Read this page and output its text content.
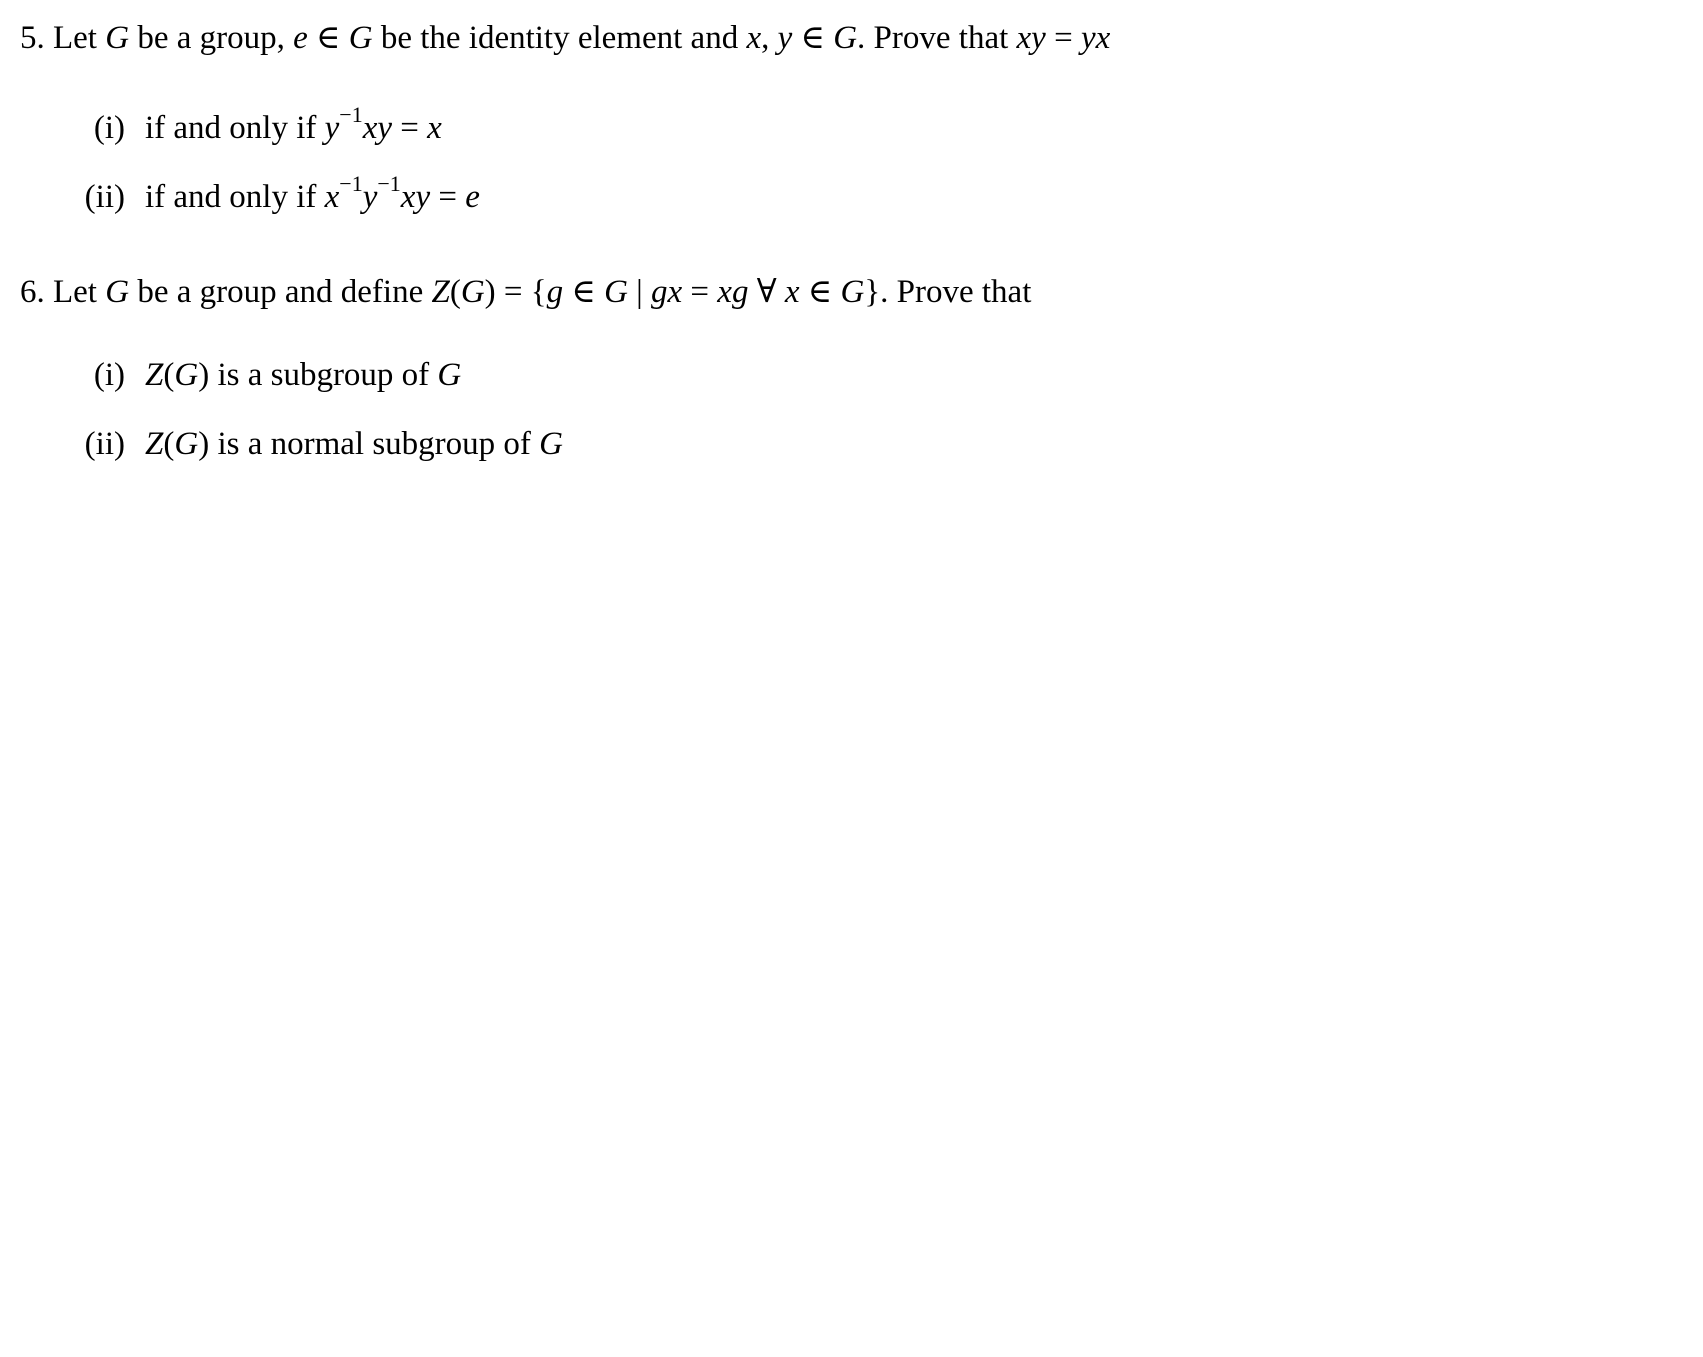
5. Let G be a group, e ∈ G be the identity element and x, y ∈ G. Prove that xy = yx
(i) if and only if $y^{-1}xy = x$
(ii) if and only if $x^{-1}y^{-1}xy = e$
6. Let G be a group and define Z(G) = {g ∈ G | gx = xg ∀ x ∈ G}. Prove that
(i) Z(G) is a subgroup of G
(ii) Z(G) is a normal subgroup of G
